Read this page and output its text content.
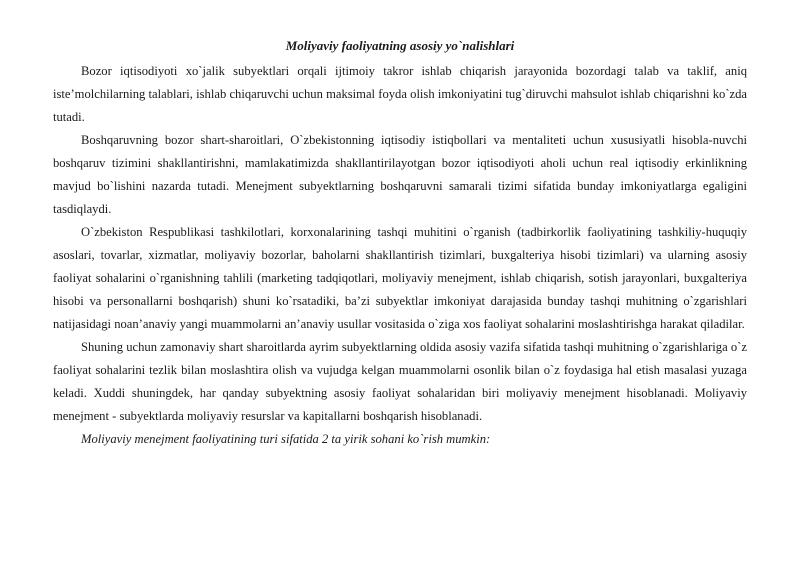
Moliyaviy faoliyatning asosiy yo`nalishlari

Bozor iqtisodiyoti xo`jalik subyektlari orqali ijtimoiy takror ishlab chiqarish jarayonida bozordagi talab va taklif, aniq iste’molchilarning talablari, ishlab chiqaruvchi uchun maksimal foyda olish imkoniyatini tug`diruvchi mahsulot ishlab chiqarishni ko`zda tutadi.

Boshqaruvning bozor shart-sharoitlari, O`zbekistonning iqtisodiy istiqbollari va mentaliteti uchun xususiyatli hisobla-nuvchi boshqaruv tizimini shakllantirishni, mamlakatimizda shakllantirilayotgan bozor iqtisodiyoti aholi uchun real iqtisodiy erkinlikning mavjud bo`lishini nazarda tutadi. Menejment subyektlarning boshqaruvni samarali tizimi sifatida bunday imkoniyatlarga egaligini tasdiqlaydi.

O`zbekiston Respublikasi tashkilotlari, korxonalarining tashqi muhitini o`rganish (tadbirkorlik faoliyatining tashkiliy-huquqiy asoslari, tovarlar, xizmatlar, moliyaviy bozorlar, baholarni shakllantirish tizimlari, buxgalteriya hisobi tizimlari) va ularning asosiy faoliyat sohalarini o`rganishning tahlili (marketing tadqiqotlari, moliyaviy menejment, ishlab chiqarish, sotish jarayonlari, buxgalteriya hisobi va personallarni boshqarish) shuni ko`rsatadiki, ba’zi subyektlar imkoniyat darajasida bunday tashqi muhitning o`zgarishlari natijasidagi noan’anaviy yangi muammolarni an’anaviy usullar vositasida o`ziga xos faoliyat sohalarini moslashtirishga harakat qiladilar.

Shuning uchun zamonaviy shart sharoitlarda ayrim subyektlarning oldida asosiy vazifa sifatida tashqi muhitning o`zgarishlariga o`z faoliyat sohalarini tezlik bilan moslashtira olish va vujudga kelgan muammolarni osonlik bilan o`z foydasiga hal etish masalasi yuzaga keladi. Xuddi shuningdek, har qanday subyektning asosiy faoliyat sohalaridan biri moliyaviy menejment hisoblanadi. Moliyaviy menejment - subyektlarda moliyaviy resurslar va kapitallarni boshqarish hisoblanadi.

Moliyaviy menejment faoliyatining turi sifatida 2 ta yirik sohani ko`rish mumkin:
